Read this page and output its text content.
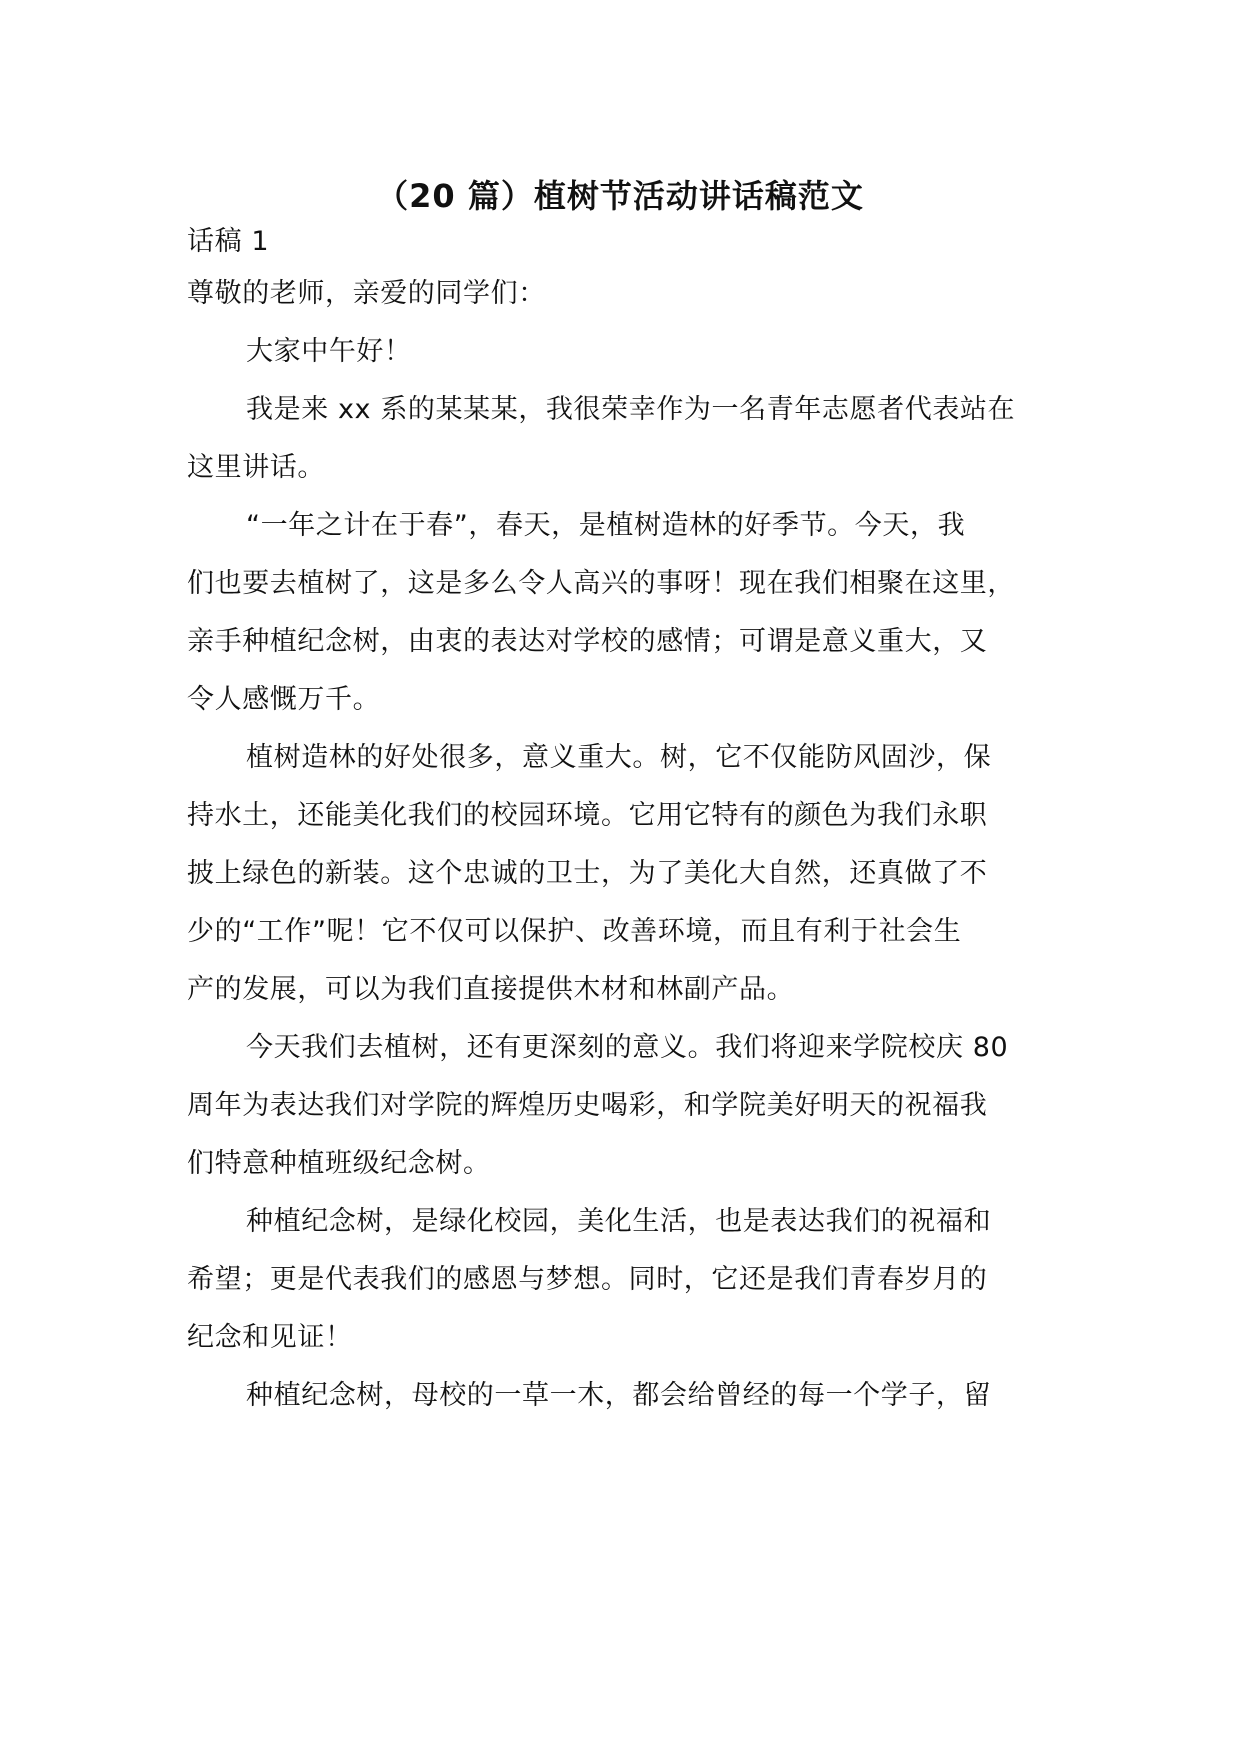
（20 篇）植树节活动讲话稿范文
话稿 1
尊敬的老师，亲爱的同学们：
大家中午好！
我是来 xx 系的某某某，我很荣幸作为一名青年志愿者代表站在
这里讲话。
“一年之计在于春”，春天，是植树造林的好季节。今天，我
们也要去植树了，这是多么令人高兴的事呀！现在我们相聚在这里，
亲手种植纪念树，由衷的表达对学校的感情；可谓是意义重大，又
令人感慨万千。
植树造林的好处很多，意义重大。树，它不仅能防风固沙，保
持水土，还能美化我们的校园环境。它用它特有的颜色为我们永职
披上绿色的新装。这个忠诚的卫士，为了美化大自然，还真做了不
少的“工作”呢！它不仅可以保护、改善环境，而且有利于社会生
产的发展，可以为我们直接提供木材和林副产品。
今天我们去植树，还有更深刻的意义。我们将迎来学院校庆 80
周年为表达我们对学院的辉煌历史喝彩，和学院美好明天的祝福我
们特意种植班级纪念树。
种植纪念树，是绿化校园，美化生活，也是表达我们的祝福和
希望；更是代表我们的感恩与梦想。同时，它还是我们青春岁月的
纪念和见证！
种植纪念树，母校的一草一木，都会给曾经的每一个学子，留
